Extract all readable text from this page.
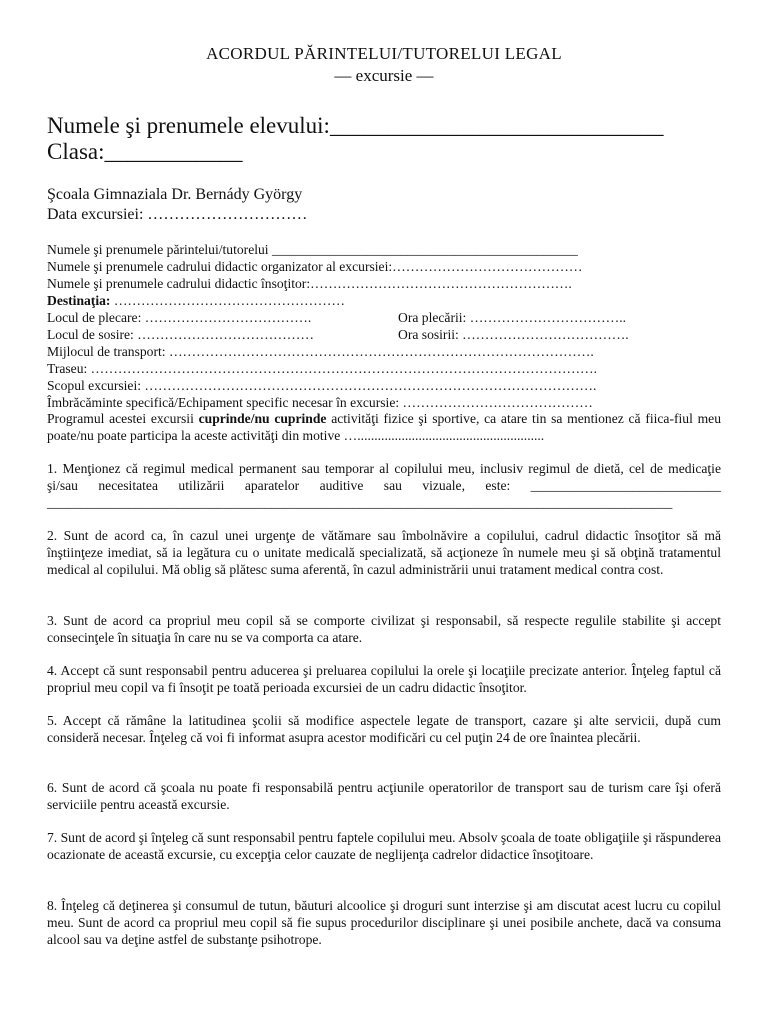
ACORDUL PĂRINTELUI/TUTORELUI LEGAL
— excursie —
Numele şi prenumele elevului:_____________________________
Clasa:____________
Şcoala Gimnaziala Dr. Bernády György
Data excursiei: …………………………
Numele şi prenumele părintelui/tutorelui _____________________________________________
Numele şi prenumele cadrului didactic organizator al excursiei:……………………………………
Numele şi prenumele cadrului didactic însoţitor:………………………………………………….
Destinaţia: ……………………………………………
Locul de plecare: ……………………………….	Ora plecării: ……………………………..
Locul de sosire: …………………………………	Ora sosirii: ……………………………….
Mijlocul de transport: ………………………………………………………………………………….
Traseu: ………………………………………………………………………………………………….
Scopul excursiei: ……………………………………………………………………………………….
Îmbrăcăminte specifică/Echipament specific necesar în excursie: ……………………………………

Programul acestei excursii cuprinde/nu cuprinde activităţi fizice şi sportive, ca atare tin sa mentionez că fiica-fiul meu poate/nu poate participa la aceste activităţi din motive ….......................................................

1. Menţionez că regimul medical permanent sau temporar al copilului meu, inclusiv regimul de dietă, cel de medicaţie şi/sau necesitatea utilizării aparatelor auditive sau vizuale, este: ____________________________ ____________________________________________________________________________________________

2. Sunt de acord ca, în cazul unei urgenţe de vătămare sau îmbolnăvire a copilului, cadrul didactic însoţitor să mă înştiinţeze imediat, să ia legătura cu o unitate medicală specializată, să acţioneze în numele meu şi să obţină tratamentul medical al copilului. Mă oblig să plătesc suma aferentă, în cazul administrării unui tratament medical contra cost.

3. Sunt de acord ca propriul meu copil să se comporte civilizat şi responsabil, să respecte regulile stabilite şi accept consecinţele în situaţia în care nu se va comporta ca atare.

4. Accept că sunt responsabil pentru aducerea şi preluarea copilului la orele şi locaţiile precizate anterior. Înţeleg faptul că propriul meu copil va fi însoţit pe toată perioada excursiei de un cadru didactic însoţitor.

5. Accept că rămâne la latitudinea şcolii să modifice aspectele legate de transport, cazare şi alte servicii, după cum consideră necesar. Înţeleg că voi fi informat asupra acestor modificări cu cel puţin 24 de ore înaintea plecării.

6. Sunt de acord că şcoala nu poate fi responsabilă pentru acţiunile operatorilor de transport sau de turism care îşi oferă serviciile pentru această excursie.

7. Sunt de acord şi înţeleg că sunt responsabil pentru faptele copilului meu. Absolv şcoala de toate obligaţiile şi răspunderea ocazionate de această excursie, cu excepţia celor cauzate de neglijenţa cadrelor didactice însoţitoare.

8. Înţeleg că deţinerea şi consumul de tutun, băuturi alcoolice şi droguri sunt interzise şi am discutat acest lucru cu copilul meu. Sunt de acord ca propriul meu copil să fie supus procedurilor disciplinare şi unei posibile anchete, dacă va consuma alcool sau va deţine astfel de substanţe psihotrope.
